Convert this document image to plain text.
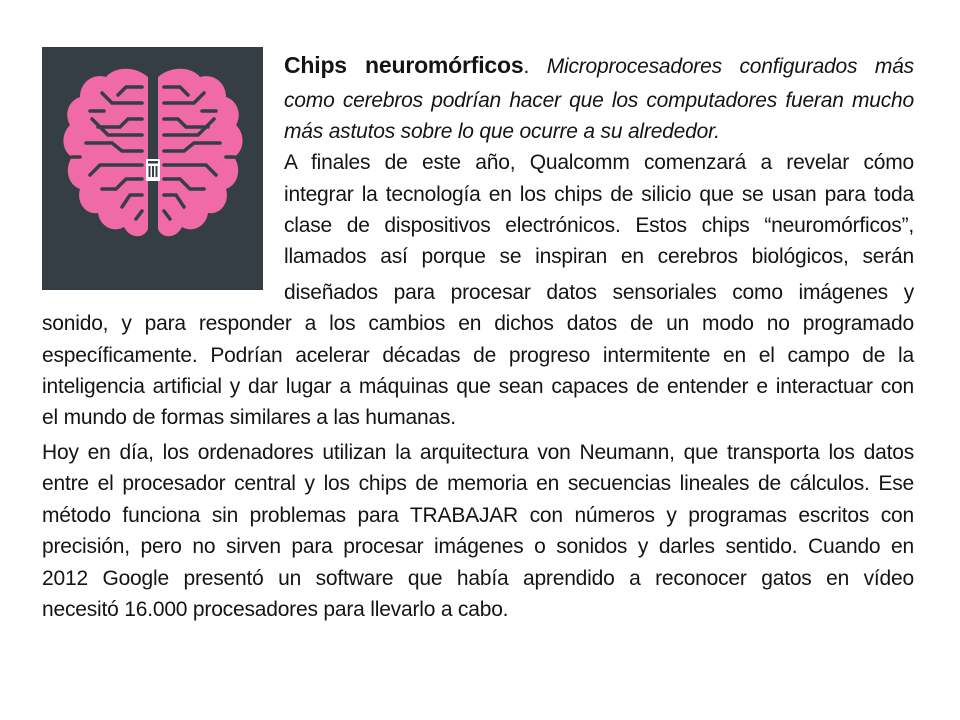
Chips neuromórficos. Microprocesadores configurados más
como cerebros podrían hacer que los computadores fueran mucho
más astutos sobre lo que ocurre a su alrededor.
A finales de este año, Qualcomm comenzará a revelar cómo
integrar la tecnología en los chips de silicio que se usan para toda
clase de dispositivos electrónicos. Estos chips “neuromórficos”,
llamados así porque se inspiran en cerebros biológicos, serán
diseñados para procesar datos sensoriales como imágenes y
sonido, y para responder a los cambios en dichos datos de un modo no programado
específicamente. Podrían acelerar décadas de progreso intermitente en el campo de la
inteligencia artificial y dar lugar a máquinas que sean capaces de entender e interactuar con
el mundo de formas similares a las humanas.
Hoy en día, los ordenadores utilizan la arquitectura von Neumann, que transporta los datos
entre el procesador central y los chips de memoria en secuencias lineales de cálculos. Ese
método funciona sin problemas para TRABAJAR con números y programas escritos con
precisión, pero no sirven para procesar imágenes o sonidos y darles sentido. Cuando en
2012 Google presentó un software que había aprendido a reconocer gatos en vídeo
necesitó 16.000 procesadores para llevarlo a cabo.
